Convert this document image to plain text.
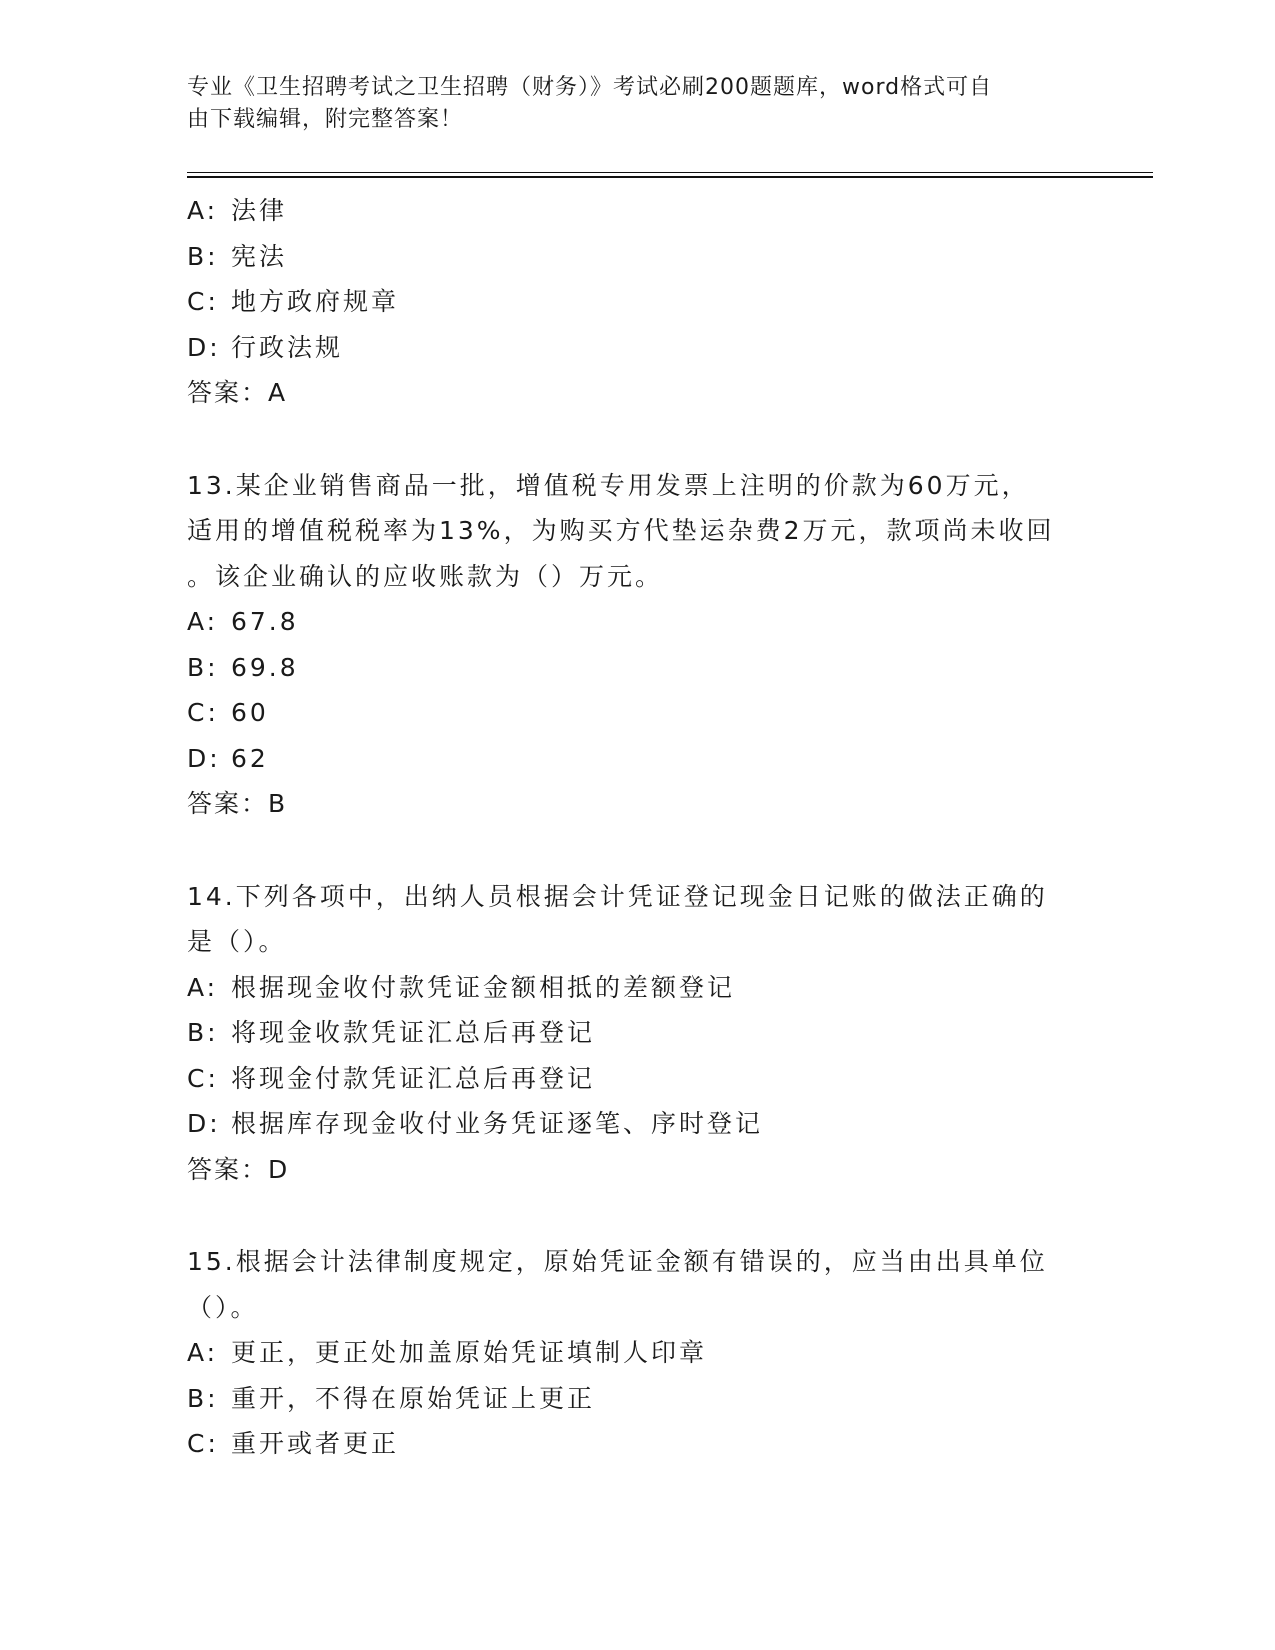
专业《卫生招聘考试之卫生招聘（财务）》考试必刷200题题库，word格式可自
由下载编辑，附完整答案！
A: 法律
B: 宪法
C: 地方政府规章
D: 行政法规
答案：A
13.某企业销售商品一批，增值税专用发票上注明的价款为60万元，
适用的增值税税率为13%，为购买方代垫运杂费2万元，款项尚未收回
。该企业确认的应收账款为（）万元。
A: 67.8
B: 69.8
C: 60
D: 62
答案：B
14.下列各项中，出纳人员根据会计凭证登记现金日记账的做法正确的
是（）。
A: 根据现金收付款凭证金额相抵的差额登记
B: 将现金收款凭证汇总后再登记
C: 将现金付款凭证汇总后再登记
D: 根据库存现金收付业务凭证逐笔、序时登记
答案：D
15.根据会计法律制度规定，原始凭证金额有错误的，应当由出具单位
（）。
A: 更正，更正处加盖原始凭证填制人印章
B: 重开，不得在原始凭证上更正
C: 重开或者更正
